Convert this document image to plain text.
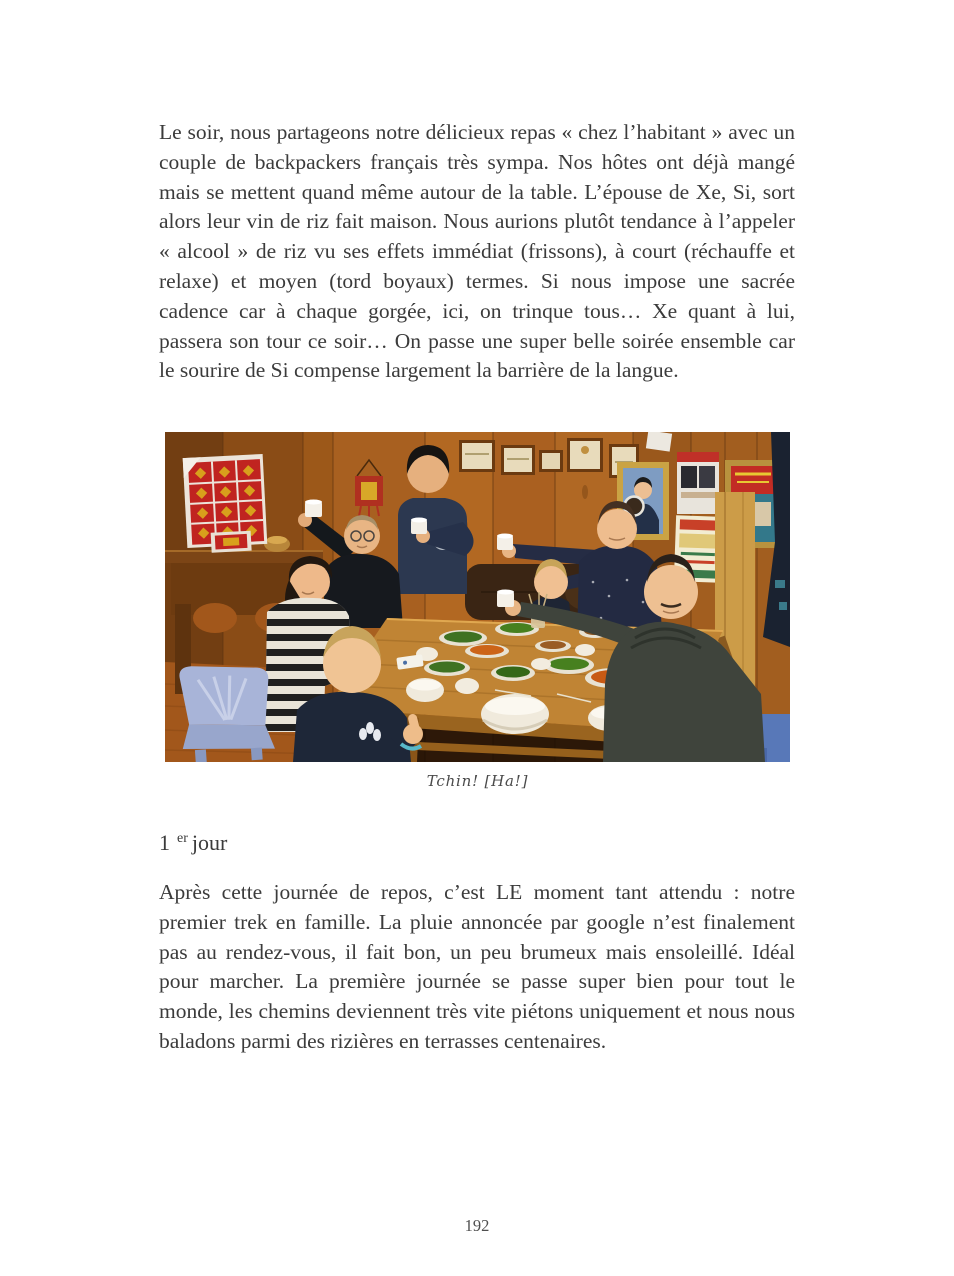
Le soir, nous partageons notre délicieux repas « chez l’habitant » avec un couple de backpackers français très sympa. Nos hôtes ont déjà mangé mais se mettent quand même autour de la table. L’épouse de Xe, Si, sort alors leur vin de riz fait maison. Nous aurions plutôt tendance à l’appeler « alcool » de riz vu ses effets immédiat (frissons), à court (réchauffe et relaxe) et moyen (tord boyaux) termes. Si nous impose une sacrée cadence car à chaque gorgée, ici, on trinque tous… Xe quant à lui, passera son tour ce soir… On passe une super belle soirée ensemble car le sourire de Si compense largement la barrière de la langue.

Tchin! [Ha!]
1 $^{er}$ jour

Après cette journée de repos, c’est LE moment tant attendu : notre premier trek en famille. La pluie annoncée par google n’est finalement pas au rendez-vous, il fait bon, un peu brumeux mais ensoleillé. Idéal pour marcher. La première journée se passe super bien pour tout le monde, les chemins deviennent très vite piétons uniquement et nous nous baladons parmi des rizières en terrasses centenaires.

192
